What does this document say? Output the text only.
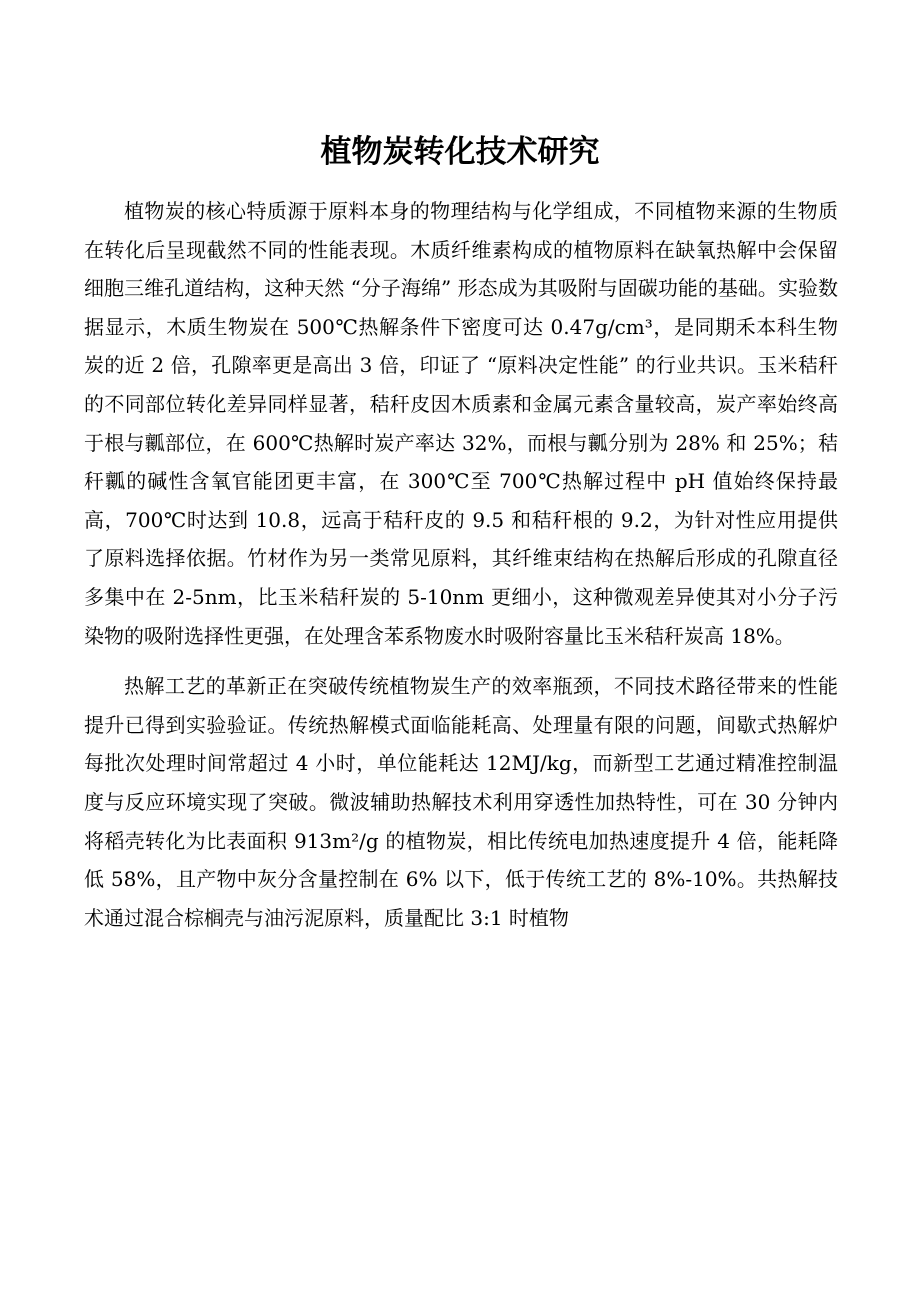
植物炭转化技术研究

植物炭的核心特质源于原料本身的物理结构与化学组成，不同植物来源的生物质在转化后呈现截然不同的性能表现。木质纤维素构成的植物原料在缺氧热解中会保留细胞三维孔道结构，这种天然 “分子海绵” 形态成为其吸附与固碳功能的基础。实验数据显示，木质生物炭在 500℃热解条件下密度可达 0.47g/cm³，是同期禾本科生物炭的近 2 倍，孔隙率更是高出 3 倍，印证了 “原料决定性能” 的行业共识。玉米秸秆的不同部位转化差异同样显著，秸秆皮因木质素和金属元素含量较高，炭产率始终高于根与瓤部位，在 600℃热解时炭产率达 32%，而根与瓤分别为 28% 和 25%；秸秆瓤的碱性含氧官能团更丰富，在 300℃至 700℃热解过程中 pH 值始终保持最高，700℃时达到 10.8，远高于秸秆皮的 9.5 和秸秆根的 9.2，为针对性应用提供了原料选择依据。竹材作为另一类常见原料，其纤维束结构在热解后形成的孔隙直径多集中在 2-5nm，比玉米秸秆炭的 5-10nm 更细小，这种微观差异使其对小分子污染物的吸附选择性更强，在处理含苯系物废水时吸附容量比玉米秸秆炭高 18%。

热解工艺的革新正在突破传统植物炭生产的效率瓶颈，不同技术路径带来的性能提升已得到实验验证。传统热解模式面临能耗高、处理量有限的问题，间歇式热解炉每批次处理时间常超过 4 小时，单位能耗达 12MJ/kg，而新型工艺通过精准控制温度与反应环境实现了突破。微波辅助热解技术利用穿透性加热特性，可在 30 分钟内将稻壳转化为比表面积 913m²/g 的植物炭，相比传统电加热速度提升 4 倍，能耗降低 58%，且产物中灰分含量控制在 6% 以下，低于传统工艺的 8%-10%。共热解技术通过混合棕榈壳与油污泥原料，质量配比 3:1 时植物
